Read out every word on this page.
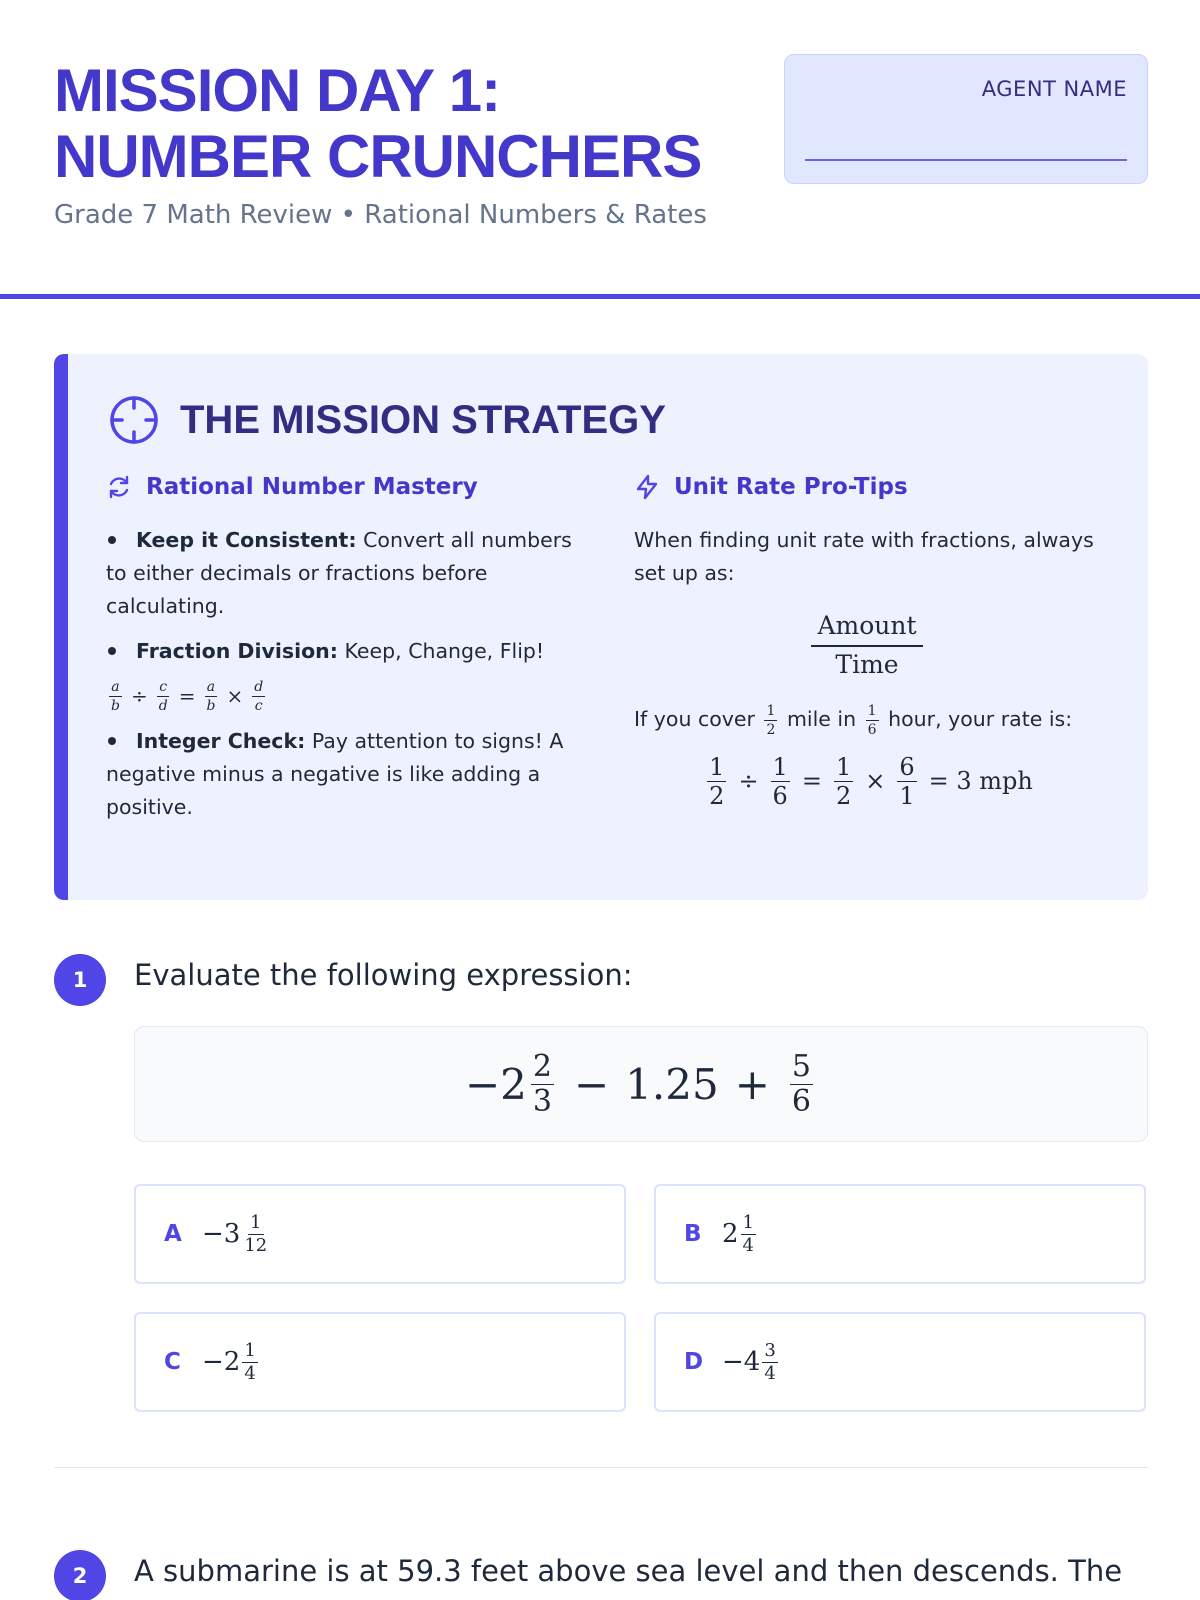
MISSION DAY 1: NUMBER CRUNCHERS
Grade 7 Math Review • Rational Numbers & Rates
AGENT NAME
THE MISSION STRATEGY
Rational Number Mastery
Keep it Consistent: Convert all numbers to either decimals or fractions before calculating.
Fraction Division: Keep, Change, Flip!

$\frac{a}{b} \div \frac{c}{d} = \frac{a}{b} \times \frac{d}{c}$
Integer Check: Pay attention to signs! A negative minus a negative is like adding a positive.
Unit Rate Pro-Tips
When finding unit rate with fractions, always set up as:
$\frac{\text{Amount}}{\text{Time}}$
If you cover $\frac{1}{2}$ mile in $\frac{1}{6}$ hour, your rate is:
$\frac{1}{2} \div \frac{1}{6} = \frac{1}{2} \times \frac{6}{1} = 3$ mph
1	Evaluate the following expression:
$-2 \frac{2}{3} - 1.25 + \frac{5}{6}$
$A -3 \frac{1}{12}$	B $2 \frac{1}{4}$
$C -2 \frac{1}{4}$	$D -4 \frac{3}{4}$
2	A submarine is at 59.3 feet above sea level and then descends. The
